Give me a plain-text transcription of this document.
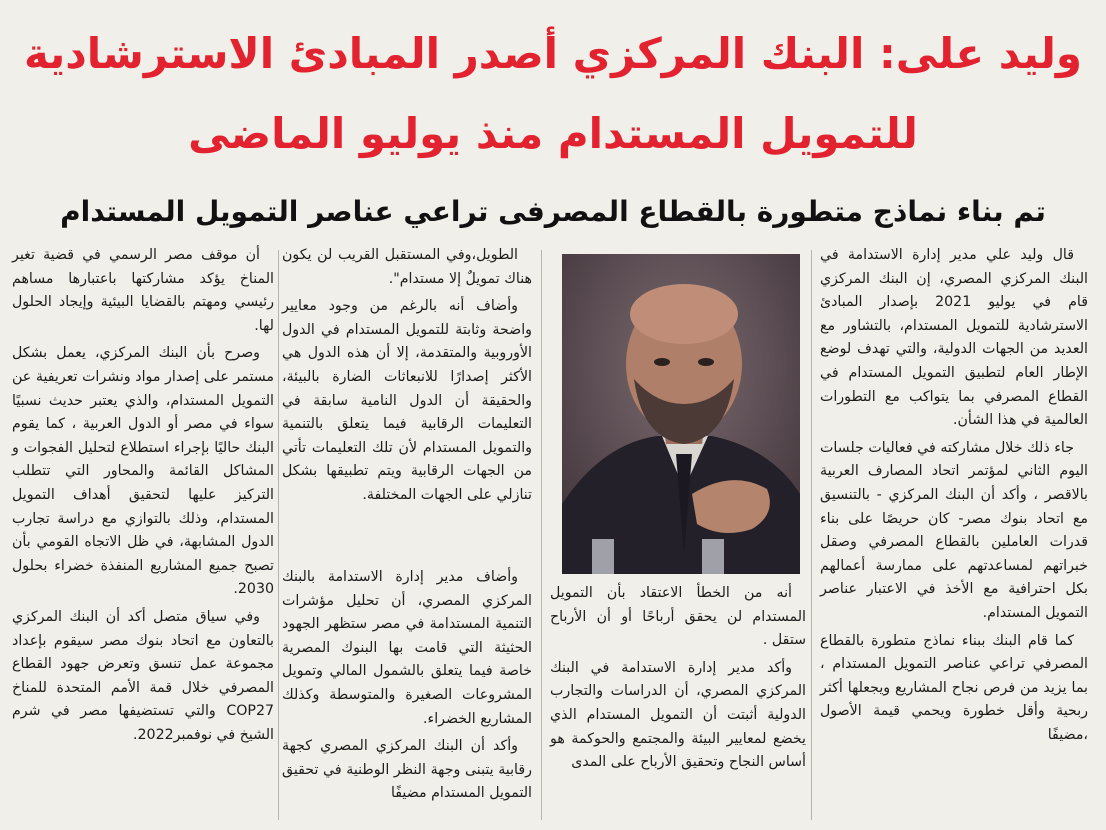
وليد على: البنك المركزي أصدر المبادئ الاسترشادية
للتمويل المستدام منذ يوليو الماضى
تم بناء نماذج متطورة بالقطاع المصرفى تراعي عناصر التمويل المستدام

قال وليد علي مدير إدارة الاستدامة في البنك المركزي المصري، إن البنك المركزي قام في يوليو 2021 بإصدار المبادئ الاسترشادية للتمويل المستدام، بالتشاور مع العديد من الجهات الدولية، والتي تهدف لوضع الإطار العام لتطبيق التمويل المستدام في القطاع المصرفي بما يتواكب مع التطورات العالمية في هذا الشأن.

جاء ذلك خلال مشاركته في فعاليات جلسات اليوم الثاني لمؤتمر اتحاد المصارف العربية بالاقصر ، وأكد أن البنك المركزي - بالتنسيق مع اتحاد بنوك مصر- كان حريصًا على بناء قدرات العاملين بالقطاع المصرفي وصقل خبراتهم لمساعدتهم على ممارسة أعمالهم بكل احترافية مع الأخذ في الاعتبار عناصر التمويل المستدام.

كما قام البنك ببناء نماذج متطورة بالقطاع المصرفي تراعي عناصر التمويل المستدام ، بما يزيد من فرص نجاح المشاريع ويجعلها أكثر ربحية وأقل خطورة ويحمي قيمة الأصول ،مضيفًا

أنه من الخطأ الاعتقاد بأن التمويل المستدام لن يحقق أرباحًا أو أن الأرباح ستقل .

وأكد مدير إدارة الاستدامة في البنك المركزي المصري، أن الدراسات والتجارب الدولية أثبتت أن التمويل المستدام الذي يخضع لمعايير البيئة والمجتمع والحوكمة هو أساس النجاح وتحقيق الأرباح على المدى

الطويل،وفي المستقبل القريب لن يكون هناك تمويلٌ إلا مستدام".

وأضاف أنه بالرغم من وجود معايير واضحة وثابتة للتمويل المستدام في الدول الأوروبية والمتقدمة، إلا أن هذه الدول هي الأكثر إصدارًا للانبعاثات الضارة بالبيئة، والحقيقة أن الدول النامية سابقة في التعليمات الرقابية فيما يتعلق بالتنمية والتمويل المستدام لأن تلك التعليمات تأتي من الجهات الرقابية ويتم تطبيقها بشكل تنازلي على الجهات المختلفة.

وأضاف مدير إدارة الاستدامة بالبنك المركزي المصري، أن تحليل مؤشرات التنمية المستدامة في مصر ستظهر الجهود الحثيثة التي قامت بها البنوك المصرية خاصة فيما يتعلق بالشمول المالي وتمويل المشروعات الصغيرة والمتوسطة وكذلك المشاريع الخضراء.

وأكد أن البنك المركزي المصري كجهة رقابية يتبنى وجهة النظر الوطنية في تحقيق التمويل المستدام مضيفًا

أن موقف مصر الرسمي في قضية تغير المناخ يؤكد مشاركتها باعتبارها مساهم رئيسي ومهتم بالقضايا البيئية وإيجاد الحلول لها.

وصرح بأن البنك المركزي، يعمل بشكل مستمر على إصدار مواد ونشرات تعريفية عن التمويل المستدام، والذي يعتبر حديث نسبيًا سواء في مصر أو الدول العربية ، كما يقوم البنك حاليًا بإجراء استطلاع لتحليل الفجوات و المشاكل القائمة والمحاور التي تتطلب التركيز عليها لتحقيق أهداف التمويل المستدام، وذلك بالتوازي مع دراسة تجارب الدول المشابهة، في ظل الاتجاه القومي بأن تصبح جميع المشاريع المنفذة خضراء بحلول 2030.

وفي سياق متصل أكد أن البنك المركزي بالتعاون مع اتحاد بنوك مصر سيقوم بإعداد مجموعة عمل تنسق وتعرض جهود القطاع المصرفي خلال قمة الأمم المتحدة للمناخ COP27 والتي تستضيفها مصر في شرم الشيخ في نوفمبر2022.
